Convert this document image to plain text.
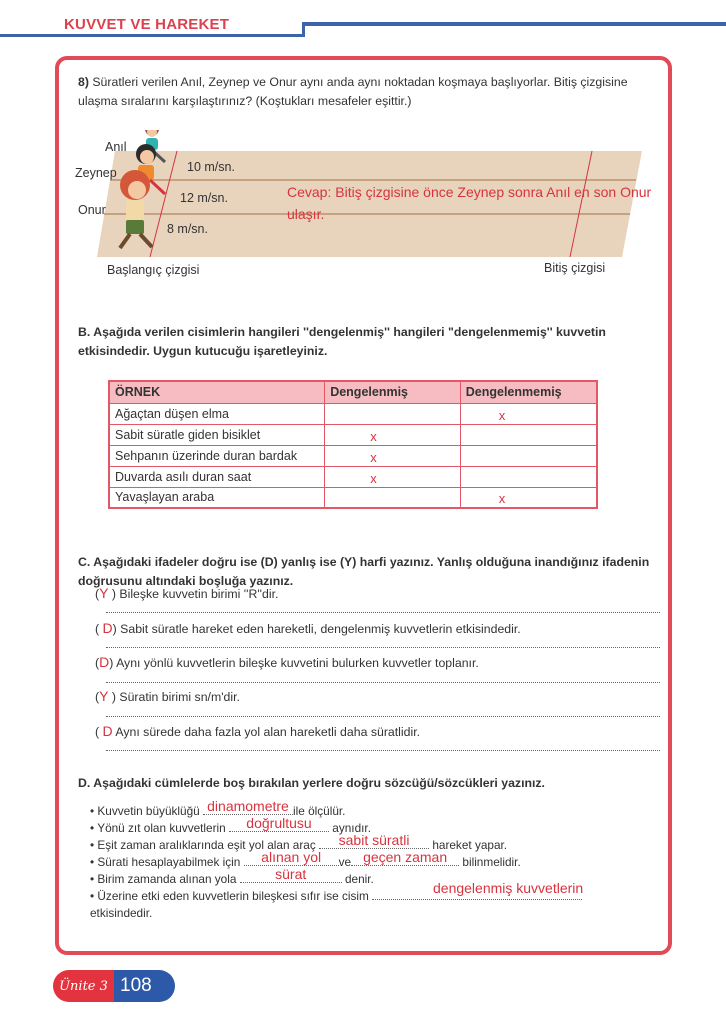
KUVVET VE HAREKET
8) Süratleri verilen Anıl, Zeynep ve Onur aynı anda aynı noktadan koşmaya başlıyorlar. Bitiş çizgisine ulaşma sıralarını karşılaştırınız? (Koştukları mesafeler eşittir.)
Anıl
Zeynep
Onur
10 m/sn.
12 m/sn.
8 m/sn.
Başlangıç çizgisi	Bitiş çizgisi
Cevap: Bitiş çizgisine önce Zeynep sonra Anıl en son Onur ulaşır.
B. Aşağıda verilen cisimlerin hangileri ''dengelenmiş'' hangileri "dengelenmemiş'' kuvvetin etkisindedir. Uygun kutucuğu işaretleyiniz.
ÖRNEK	Dengelenmiş	Dengelenmemiş
Ağaçtan düşen elma		x
Sabit süratle giden bisiklet	x	
Sehpanın üzerinde duran bardak	x	
Duvarda asılı duran saat	x	
Yavaşlayan araba		x
C. Aşağıdaki ifadeler doğru ise (D) yanlış ise (Y) harfi yazınız. Yanlış olduğuna inandığınız ifadenin doğrusunu altındaki boşluğa yazınız.
(Y ) Bileşke kuvvetin birimi ''R''dir.
( D) Sabit süratle hareket eden hareketli, dengelenmiş kuvvetlerin etkisindedir.
(D) Aynı yönlü kuvvetlerin bileşke kuvvetini bulurken kuvvetler toplanır.
(Y ) Süratin birimi sn/m'dir.
( D Aynı sürede daha fazla yol alan hareketli daha süratlidir.
D. Aşağıdaki cümlelerde boş bırakılan yerlere doğru sözcüğü/sözcükleri yazınız.
• Kuvvetin büyüklüğü dinamometre ile ölçülür.
• Yönü zıt olan kuvvetlerin	doğrultusu	aynıdır.
• Eşit zaman aralıklarında eşit yol alan araç	sabit süratli	hareket yapar.
• Sürati hesaplayabilmek için	alınan yol	ve geçen zaman	bilinmelidir.
• Birim zamanda alınan yola	sürat	denir.
• Üzerine etki eden kuvvetlerin bileşkesi sıfır ise cisim	dengelenmiş kuvvetlerin
etkisindedir.
Ünite 3 108
